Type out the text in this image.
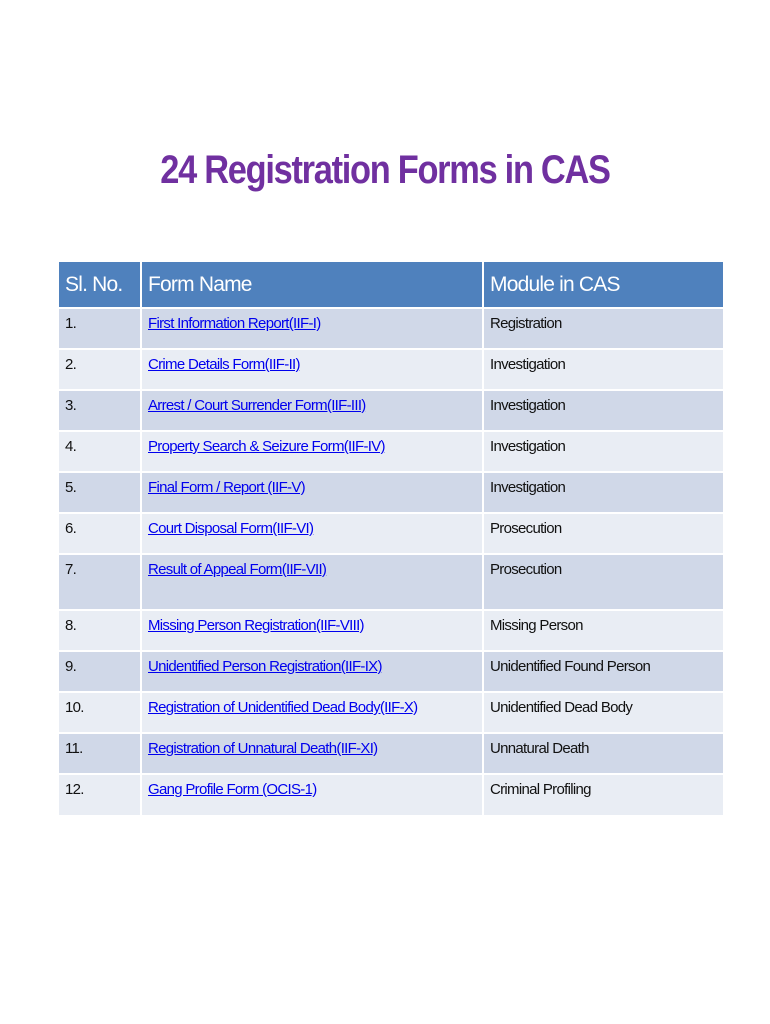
24 Registration Forms in CAS
Sl. No.	Form Name	Module in CAS
1.	First Information Report(IIF-I)	Registration
2.	Crime Details Form(IIF-II)	Investigation
3.	Arrest / Court Surrender Form(IIF-III)	Investigation
4.	Property Search & Seizure Form(IIF-IV)	Investigation
5.	Final Form / Report (IIF-V)	Investigation
6.	Court Disposal Form(IIF-VI)	Prosecution
7.	Result of Appeal Form(IIF-VII)	Prosecution
8.	Missing Person Registration(IIF-VIII)	Missing Person
9.	Unidentified Person Registration(IIF-IX)	Unidentified Found Person
10.	Registration of Unidentified Dead Body(IIF-X)	Unidentified Dead Body
11.	Registration of Unnatural Death(IIF-XI)	Unnatural Death
12.	Gang Profile Form (OCIS-1)	Criminal Profiling
